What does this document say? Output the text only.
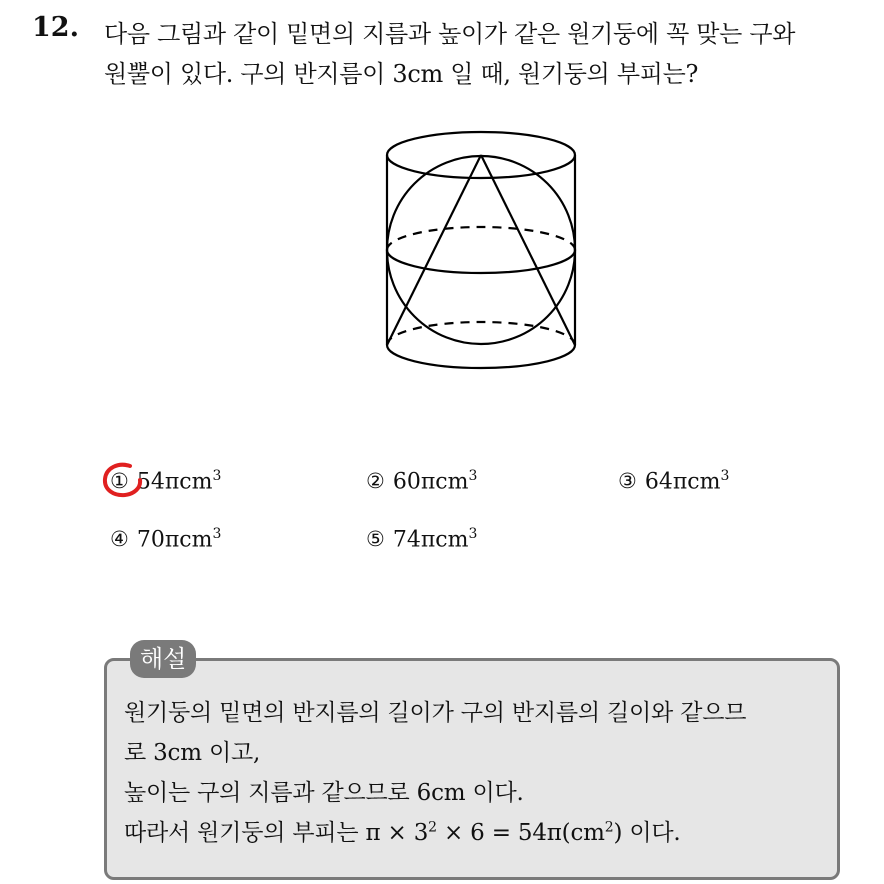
12. 다음 그림과 같이 밑면의 지름과 높이가 같은 원기둥에 꼭 맞는 구와
원뿔이 있다. 구의 반지름이 3cm 일 때, 원기둥의 부피는?
① 54πcm$^3$	② 60πcm$^3$	③ 64πcm$^3$
④ 70πcm$^3$	⑤ 74πcm$^3$
해설
원기둥의 밑면의 반지름의 길이가 구의 반지름의 길이와 같으므
로 3cm 이고,
높이는 구의 지름과 같으므로 6cm 이다.
따라서 원기둥의 부피는 $\pi \times 3^2 \times 6 = 54\pi(cm^2)$ 이다.
